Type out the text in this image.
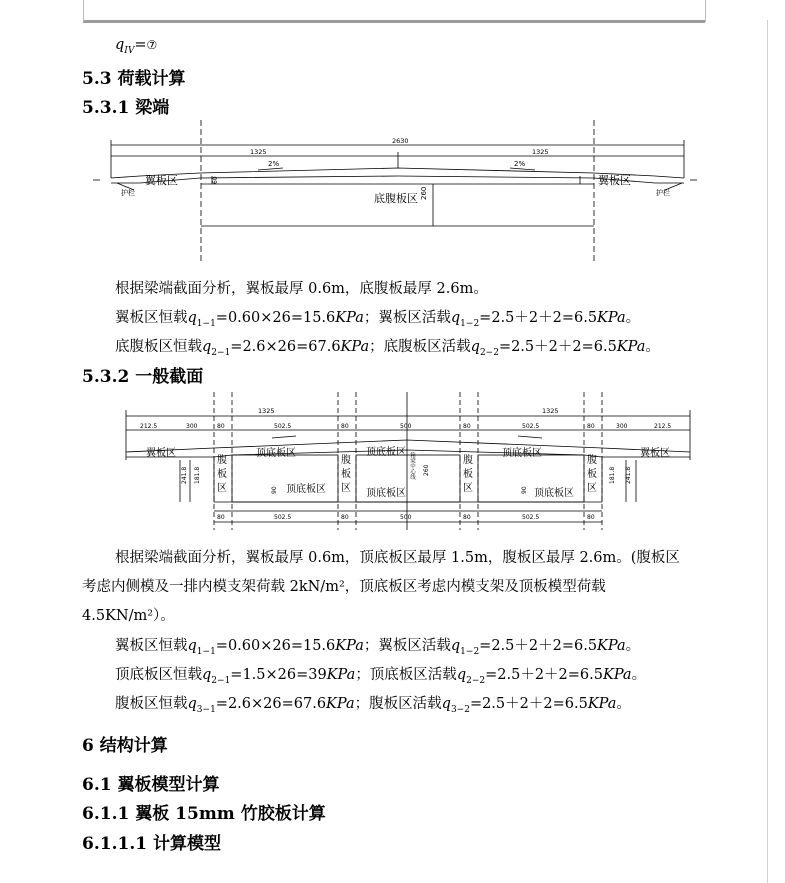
$q_{IV}=⑦$
5.3 荷载计算
5.3.1 梁端
1325
2630
1325
2%	2%
翼板区	翼板区
护栏	护栏
底腹板区 260
60
根据梁端截面分析，翼板最厚 0.6m，底腹板最厚 2.6m。
翼板区恒载$q_{1-1}=0.60\times 26=15.6KPa$；翼板区活载$q_{1-2}=2.5+2+2=6.5KPa$。
底腹板区恒载$q_{2-1}=2.6\times 26=67.6KPa$；底腹板区活载$q_{2-2}=2.5+2+2=6.5KPa$。
5.3.2 一般截面
1325	1325
212.5	300	80	502.5	80	500	80	502.5	80	300	212.5
翼板区	翼板区
顶底板区	顶底板区	顶底板区
顶底板区	顶底板区	顶底板区
腹
板
区
腹
板
区
腹
板
区
腹
板
区
箱梁中心线 260
241.8 181.8	181.8 241.8
90	90
80	502.5	80	500	80	502.5	80
根据梁端截面分析，翼板最厚 0.6m，顶底板区最厚 1.5m，腹板区最厚 2.6m。(腹板区
考虑内侧模及一排内模支架荷载 2kN/m²，顶底板区考虑内模支架及顶板模型荷载
4.5KN/m²）。
翼板区恒载$q_{1-1}=0.60\times 26=15.6KPa$；翼板区活载$q_{1-2}=2.5+2+2=6.5KPa$。
顶底板区恒载$q_{2-1}=1.5\times 26=39KPa$；顶底板区活载$q_{2-2}=2.5+2+2=6.5KPa$。
腹板区恒载$q_{3-1}=2.6\times 26=67.6KPa$；腹板区活载$q_{3-2}=2.5+2+2=6.5KPa$。
6 结构计算
6.1 翼板模型计算
6.1.1 翼板 15mm 竹胶板计算
6.1.1.1 计算模型
